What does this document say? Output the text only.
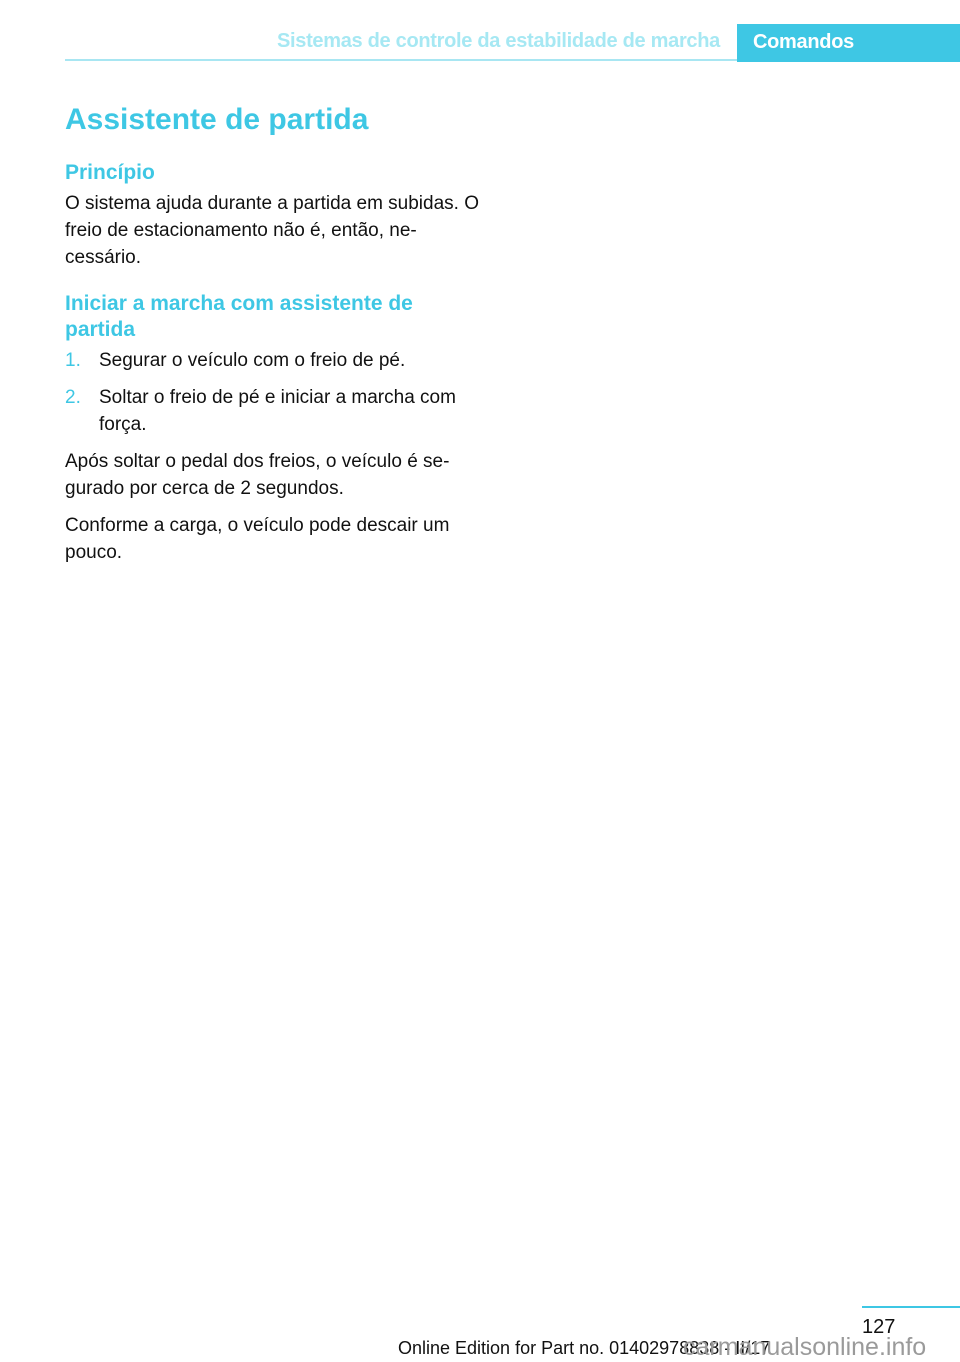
Sistemas de controle da estabilidade de marcha Comandos
Assistente de partida
Princípio

O sistema ajuda durante a partida em subidas. O freio de estacionamento não é, então, ne- cessário.

Iniciar a marcha com assistente de partida
1. Segurar o veículo com o freio de pé.
2. Soltar o freio de pé e iniciar a marcha com força.

Após soltar o pedal dos freios, o veículo é se- gurado por cerca de 2 segundos.

Conforme a carga, o veículo pode descair um pouco.

127
Online Edition for Part no. 01402978838 - II/17
carmanualsonline.info
